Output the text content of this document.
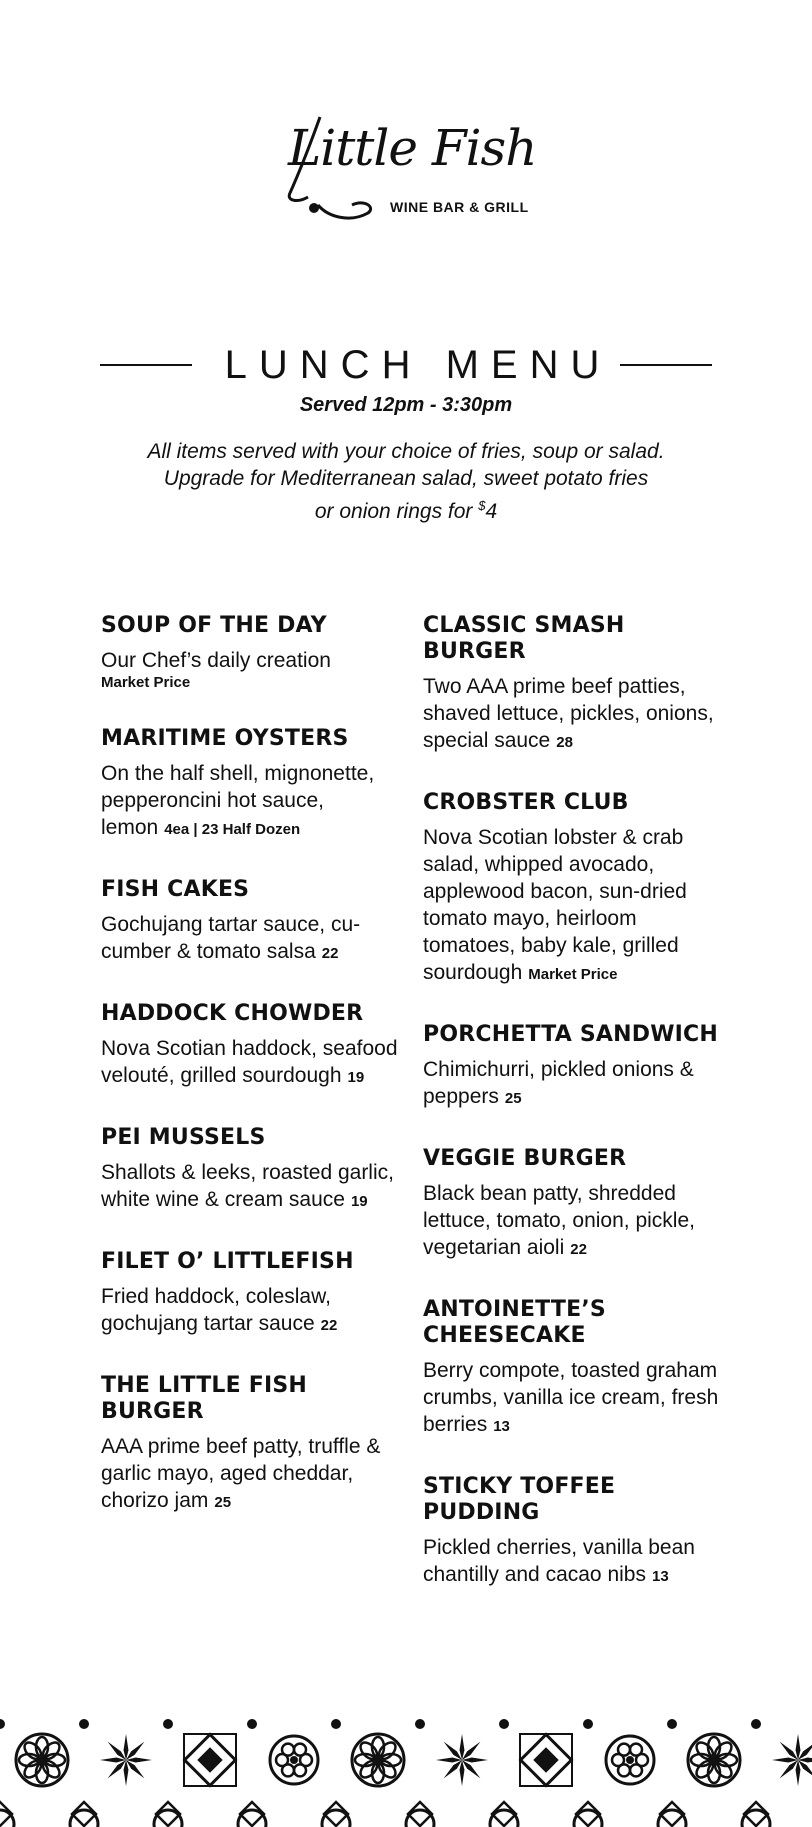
Little Fish
WINE BAR & GRILL
LUNCH MENU
Served 12pm - 3:30pm
All items served with your choice of fries, soup or salad.
Upgrade for Mediterranean salad, sweet potato fries
or onion rings for $4
SOUP OF THE DAY

Our Chef’s daily creation
Market Price

MARITIME OYSTERS

On the half shell, mignonette, pepperoncini hot sauce, lemon 4ea | 23 Half Dozen

FISH CAKES

Gochujang tartar sauce, cu-cumber & tomato salsa 22

HADDOCK CHOWDER

Nova Scotian haddock, seafood velouté, grilled sourdough 19

PEI MUSSELS

Shallots & leeks, roasted garlic, white wine & cream sauce 19

FILET O’ LITTLEFISH

Fried haddock, coleslaw, gochujang tartar sauce 22

THE LITTLE FISH BURGER

AAA prime beef patty, truffle & garlic mayo, aged cheddar, chorizo jam 25

CLASSIC SMASH BURGER

Two AAA prime beef patties, shaved lettuce, pickles, onions, special sauce 28

CROBSTER CLUB

Nova Scotian lobster & crab salad, whipped avocado, applewood bacon, sun-dried tomato mayo, heirloom tomatoes, baby kale, grilled sourdough Market Price

PORCHETTA SANDWICH

Chimichurri, pickled onions & peppers 25

VEGGIE BURGER

Black bean patty, shredded lettuce, tomato, onion, pickle, vegetarian aioli 22

ANTOINETTE’S CHEESECAKE

Berry compote, toasted graham crumbs, vanilla ice cream, fresh berries 13

STICKY TOFFEE PUDDING

Pickled cherries, vanilla bean chantilly and cacao nibs 13
